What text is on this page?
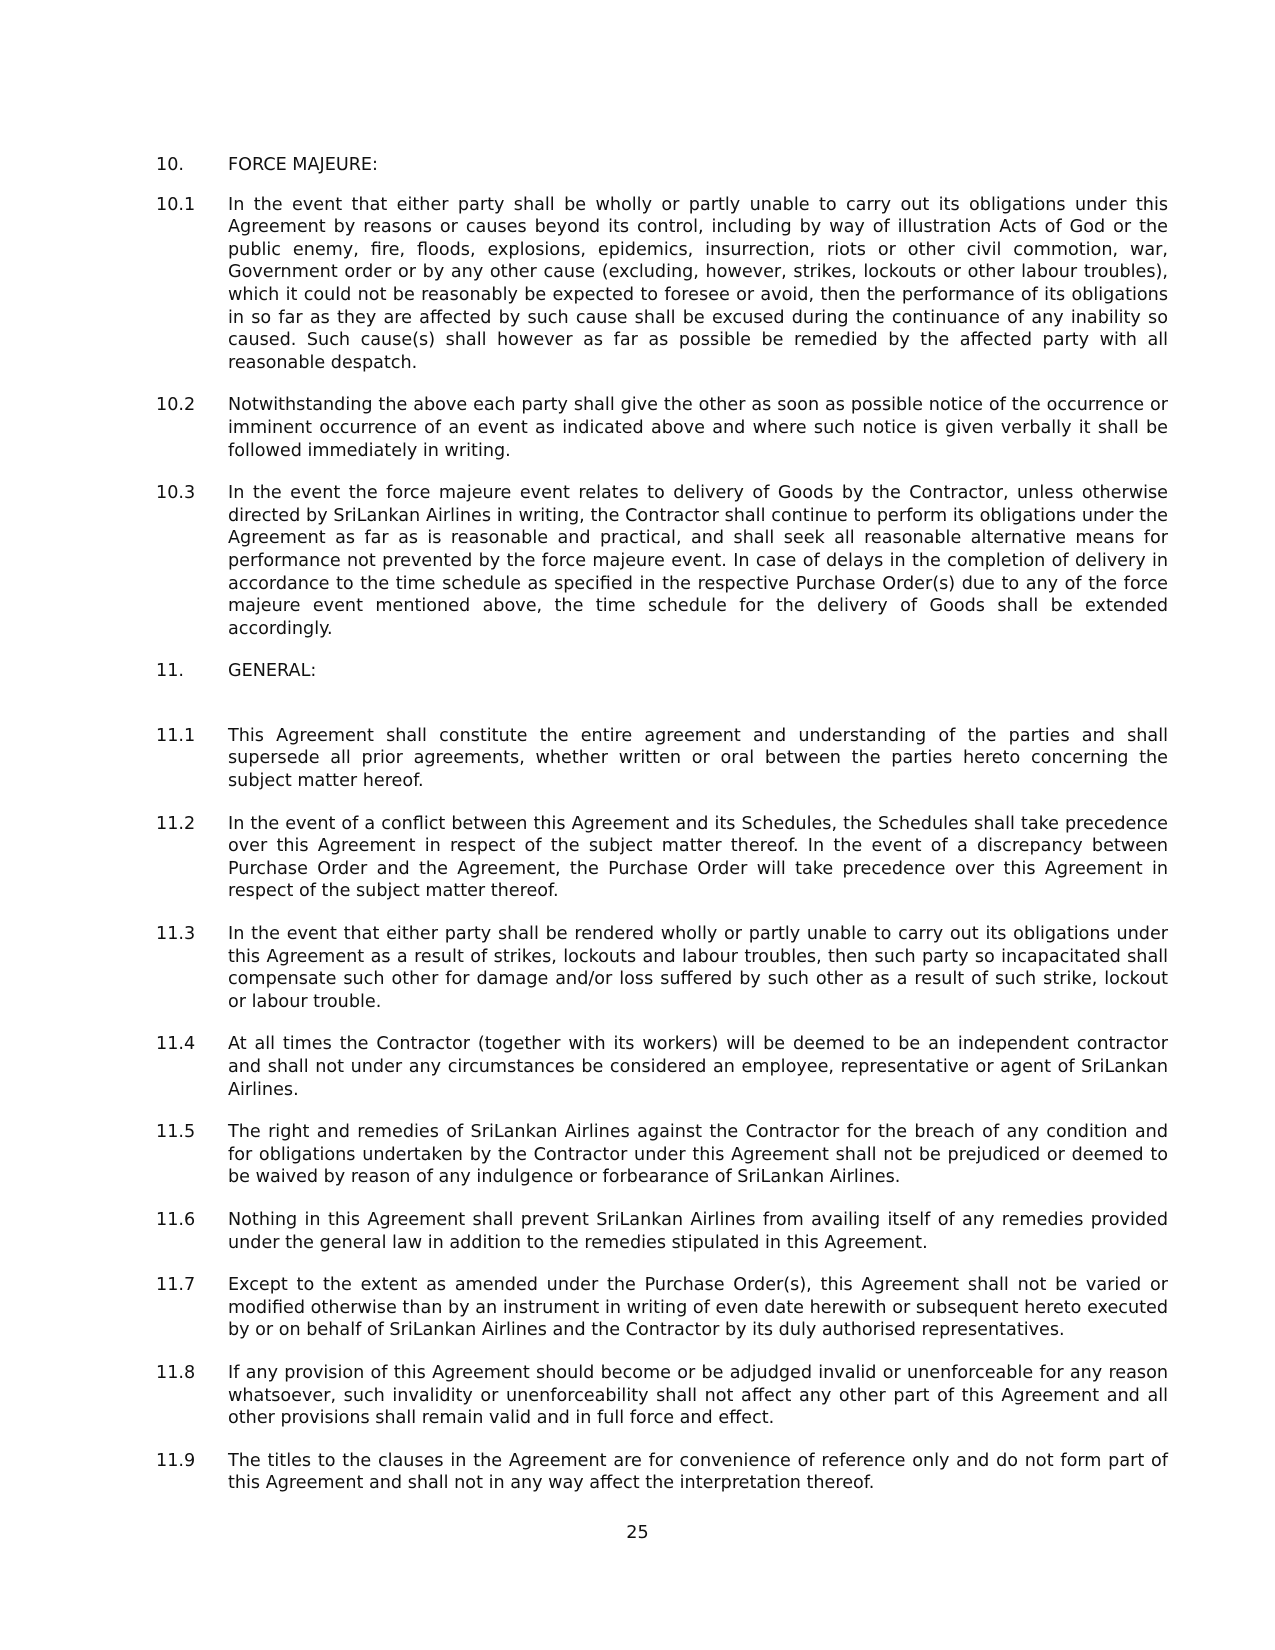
10.	FORCE MAJEURE:
10.1	In the event that either party shall be wholly or partly unable to carry out its obligations under this Agreement by reasons or causes beyond its control, including by way of illustration Acts of God or the public enemy, fire, floods, explosions, epidemics, insurrection, riots or other civil commotion, war, Government order or by any other cause (excluding, however, strikes, lockouts or other labour troubles), which it could not be reasonably be expected to foresee or avoid, then the performance of its obligations in so far as they are affected by such cause shall be excused during the continuance of any inability so caused. Such cause(s) shall however as far as possible be remedied by the affected party with all reasonable despatch.
10.2	Notwithstanding the above each party shall give the other as soon as possible notice of the occurrence or imminent occurrence of an event as indicated above and where such notice is given verbally it shall be followed immediately in writing.
10.3	In the event the force majeure event relates to delivery of Goods by the Contractor, unless otherwise directed by SriLankan Airlines in writing, the Contractor shall continue to perform its obligations under the Agreement as far as is reasonable and practical, and shall seek all reasonable alternative means for performance not prevented by the force majeure event. In case of delays in the completion of delivery in accordance to the time schedule as specified in the respective Purchase Order(s) due to any of the force majeure event mentioned above, the time schedule for the delivery of Goods shall be extended accordingly.
11.	GENERAL:
11.1	This Agreement shall constitute the entire agreement and understanding of the parties and shall supersede all prior agreements, whether written or oral between the parties hereto concerning the subject matter hereof.
11.2	In the event of a conflict between this Agreement and its Schedules, the Schedules shall take precedence over this Agreement in respect of the subject matter thereof. In the event of a discrepancy between Purchase Order and the Agreement, the Purchase Order will take precedence over this Agreement in respect of the subject matter thereof.
11.3	In the event that either party shall be rendered wholly or partly unable to carry out its obligations under this Agreement as a result of strikes, lockouts and labour troubles, then such party so incapacitated shall compensate such other for damage and/or loss suffered by such other as a result of such strike, lockout or labour trouble.
11.4	At all times the Contractor (together with its workers) will be deemed to be an independent contractor and shall not under any circumstances be considered an employee, representative or agent of SriLankan Airlines.
11.5	The right and remedies of SriLankan Airlines against the Contractor for the breach of any condition and for obligations undertaken by the Contractor under this Agreement shall not be prejudiced or deemed to be waived by reason of any indulgence or forbearance of SriLankan Airlines.
11.6	Nothing in this Agreement shall prevent SriLankan Airlines from availing itself of any remedies provided under the general law in addition to the remedies stipulated in this Agreement.
11.7	Except to the extent as amended under the Purchase Order(s), this Agreement shall not be varied or modified otherwise than by an instrument in writing of even date herewith or subsequent hereto executed by or on behalf of SriLankan Airlines and the Contractor by its duly authorised representatives.
11.8	If any provision of this Agreement should become or be adjudged invalid or unenforceable for any reason whatsoever, such invalidity or unenforceability shall not affect any other part of this Agreement and all other provisions shall remain valid and in full force and effect.
11.9	The titles to the clauses in the Agreement are for convenience of reference only and do not form part of this Agreement and shall not in any way affect the interpretation thereof.
25
